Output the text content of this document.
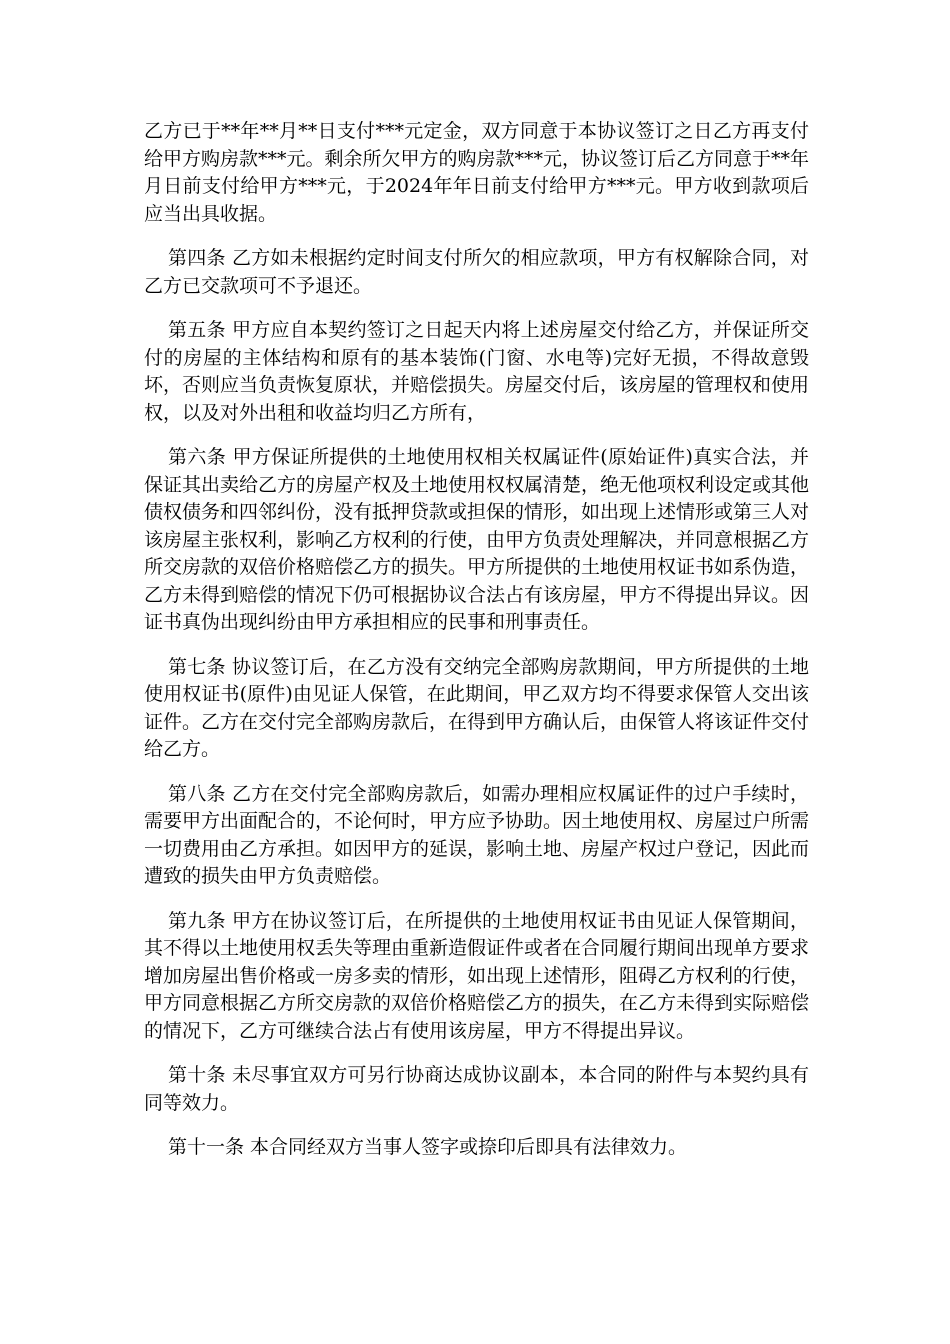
乙方已于**年**月**日支付***元定金，双方同意于本协议签订之日乙方再支付给甲方购房款***元。剩余所欠甲方的购房款***元，协议签订后乙方同意于**年月日前支付给甲方***元，于2024年年日前支付给甲方***元。甲方收到款项后应当出具收据。

第四条 乙方如未根据约定时间支付所欠的相应款项，甲方有权解除合同，对乙方已交款项可不予退还。

第五条 甲方应自本契约签订之日起天内将上述房屋交付给乙方，并保证所交付的房屋的主体结构和原有的基本装饰(门窗、水电等)完好无损，不得故意毁坏，否则应当负责恢复原状，并赔偿损失。房屋交付后，该房屋的管理权和使用权，以及对外出租和收益均归乙方所有，

第六条 甲方保证所提供的土地使用权相关权属证件(原始证件)真实合法，并保证其出卖给乙方的房屋产权及土地使用权权属清楚，绝无他项权利设定或其他债权债务和四邻纠份，没有抵押贷款或担保的情形，如出现上述情形或第三人对该房屋主张权利，影响乙方权利的行使，由甲方负责处理解决，并同意根据乙方所交房款的双倍价格赔偿乙方的损失。甲方所提供的土地使用权证书如系伪造，乙方未得到赔偿的情况下仍可根据协议合法占有该房屋，甲方不得提出异议。因证书真伪出现纠纷由甲方承担相应的民事和刑事责任。

第七条 协议签订后，在乙方没有交纳完全部购房款期间，甲方所提供的土地使用权证书(原件)由见证人保管，在此期间，甲乙双方均不得要求保管人交出该证件。乙方在交付完全部购房款后，在得到甲方确认后，由保管人将该证件交付给乙方。

第八条 乙方在交付完全部购房款后，如需办理相应权属证件的过户手续时，需要甲方出面配合的，不论何时，甲方应予协助。因土地使用权、房屋过户所需一切费用由乙方承担。如因甲方的延误，影响土地、房屋产权过户登记，因此而遭致的损失由甲方负责赔偿。

第九条 甲方在协议签订后，在所提供的土地使用权证书由见证人保管期间，其不得以土地使用权丢失等理由重新造假证件或者在合同履行期间出现单方要求增加房屋出售价格或一房多卖的情形，如出现上述情形，阻碍乙方权利的行使，甲方同意根据乙方所交房款的双倍价格赔偿乙方的损失，在乙方未得到实际赔偿的情况下，乙方可继续合法占有使用该房屋，甲方不得提出异议。

第十条 未尽事宜双方可另行协商达成协议副本，本合同的附件与本契约具有同等效力。

第十一条 本合同经双方当事人签字或捺印后即具有法律效力。
